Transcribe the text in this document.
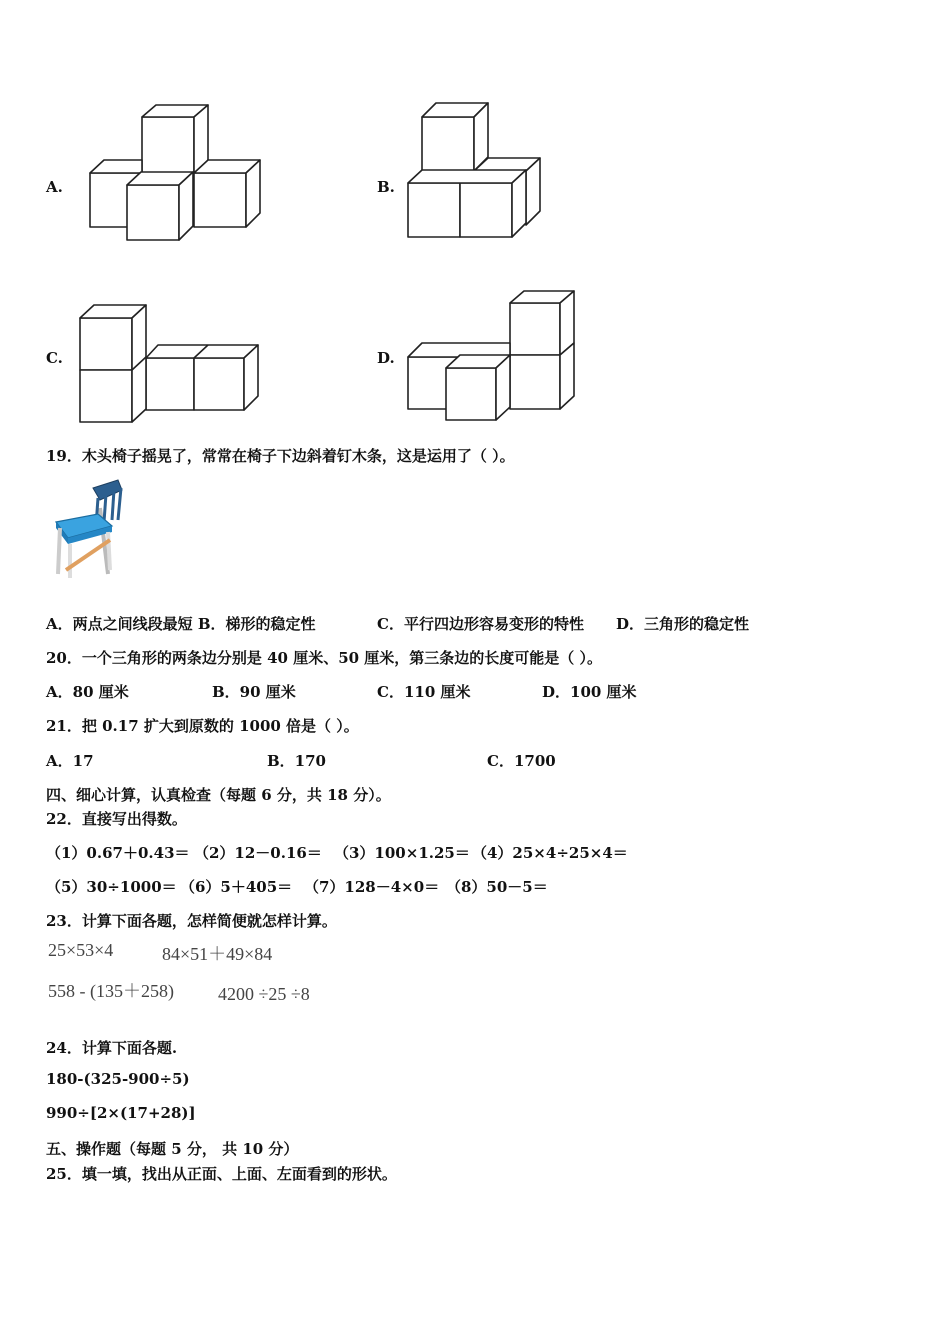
A.	B.
C.	D.
19．木头椅子摇晃了，常常在椅子下边斜着钉木条，这是运用了（ ）。
A．两点之间线段最短 B．梯形的稳定性	C．平行四边形容易变形的特性 D．三角形的稳定性
20．一个三角形的两条边分别是 40 厘米、50 厘米，第三条边的长度可能是（ ）。
A．80 厘米	B．90 厘米	C．110 厘米	D．100 厘米
21．把 0.17 扩大到原数的 1000 倍是（ ）。
A．17	B．170	C．1700
四、细心计算，认真检查（每题 6 分，共 18 分）。
22．直接写出得数。
（1）0.67＋0.43＝ （2）12－0.16＝ （3）100×1.25＝ （4）25×4÷25×4＝
（5）30÷1000＝ （6）5＋405＝ （7）128－4×0＝ （8）50－5＝
23．计算下面各题，怎样简便就怎样计算。
25×53×4	84×51＋49×84
558 - (135＋258) 4200 ÷25 ÷8
24．计算下面各题.
180-(325-900÷5)
990÷[2×(17+28)]
五、操作题（每题 5 分， 共 10 分）
25．填一填，找出从正面、上面、左面看到的形状。
